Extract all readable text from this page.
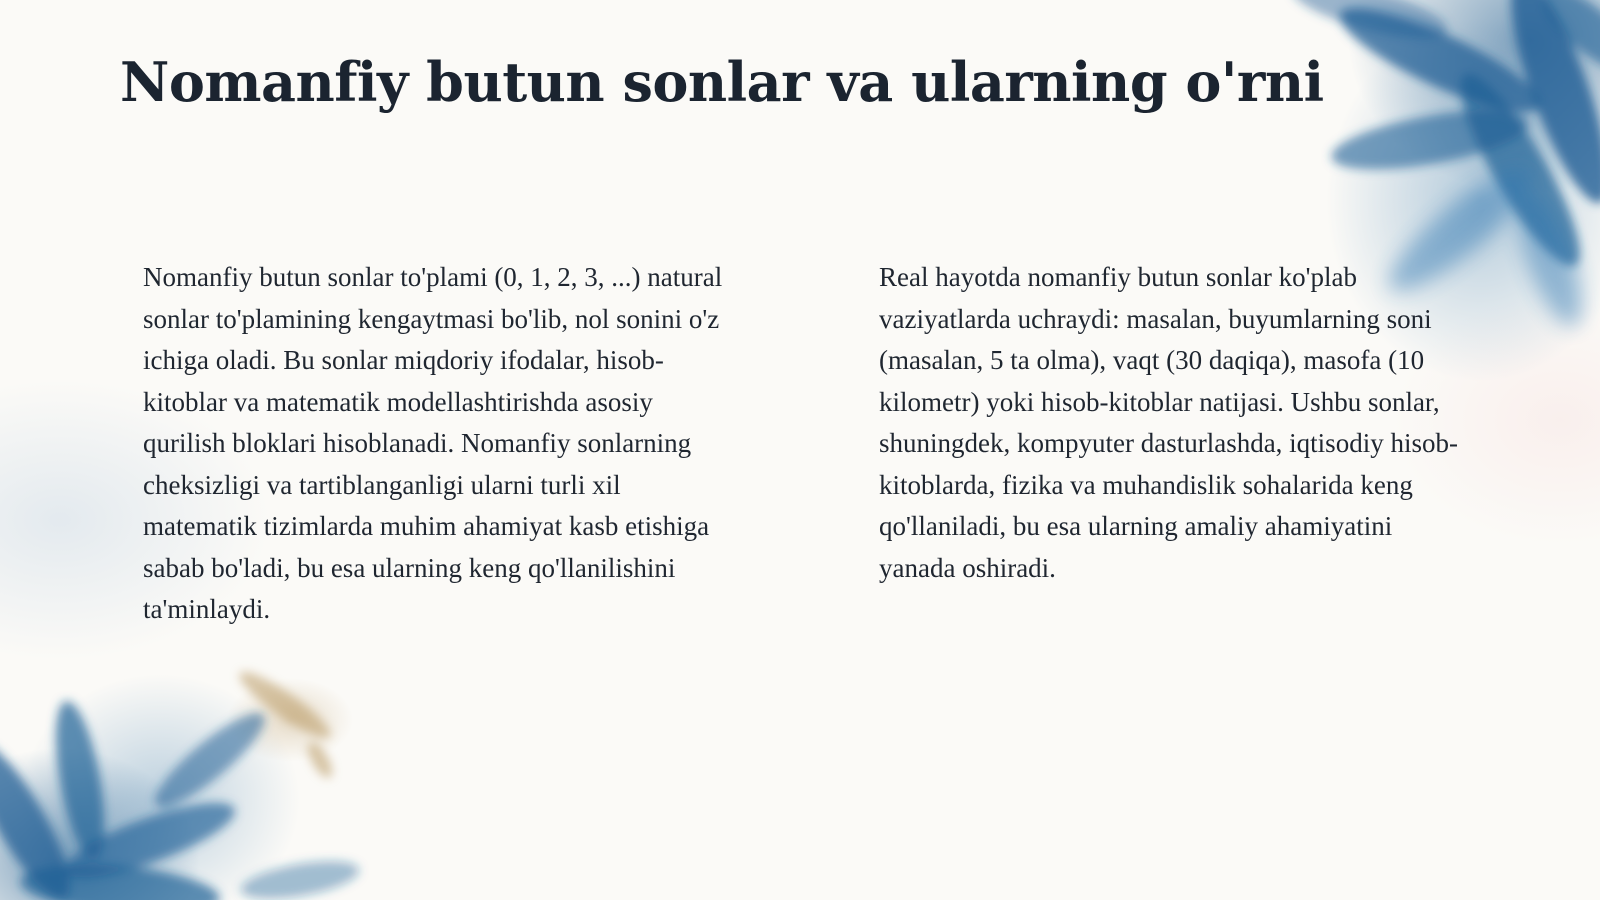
Nomanfiy butun sonlar va ularning o'rni

Nomanfiy butun sonlar to'plami (0, 1, 2, 3, ...) natural sonlar to'plamining kengaytmasi bo'lib, nol sonini o'z ichiga oladi. Bu sonlar miqdoriy ifodalar, hisob-kitoblar va matematik modellashtirishda asosiy qurilish bloklari hisoblanadi. Nomanfiy sonlarning cheksizligi va tartiblanganligi ularni turli xil matematik tizimlarda muhim ahamiyat kasb etishiga sabab bo'ladi, bu esa ularning keng qo'llanilishini ta'minlaydi.

Real hayotda nomanfiy butun sonlar ko'plab vaziyatlarda uchraydi: masalan, buyumlarning soni (masalan, 5 ta olma), vaqt (30 daqiqa), masofa (10 kilometr) yoki hisob-kitoblar natijasi. Ushbu sonlar, shuningdek, kompyuter dasturlashda, iqtisodiy hisob-kitoblarda, fizika va muhandislik sohalarida keng qo'llaniladi, bu esa ularning amaliy ahamiyatini yanada oshiradi.
